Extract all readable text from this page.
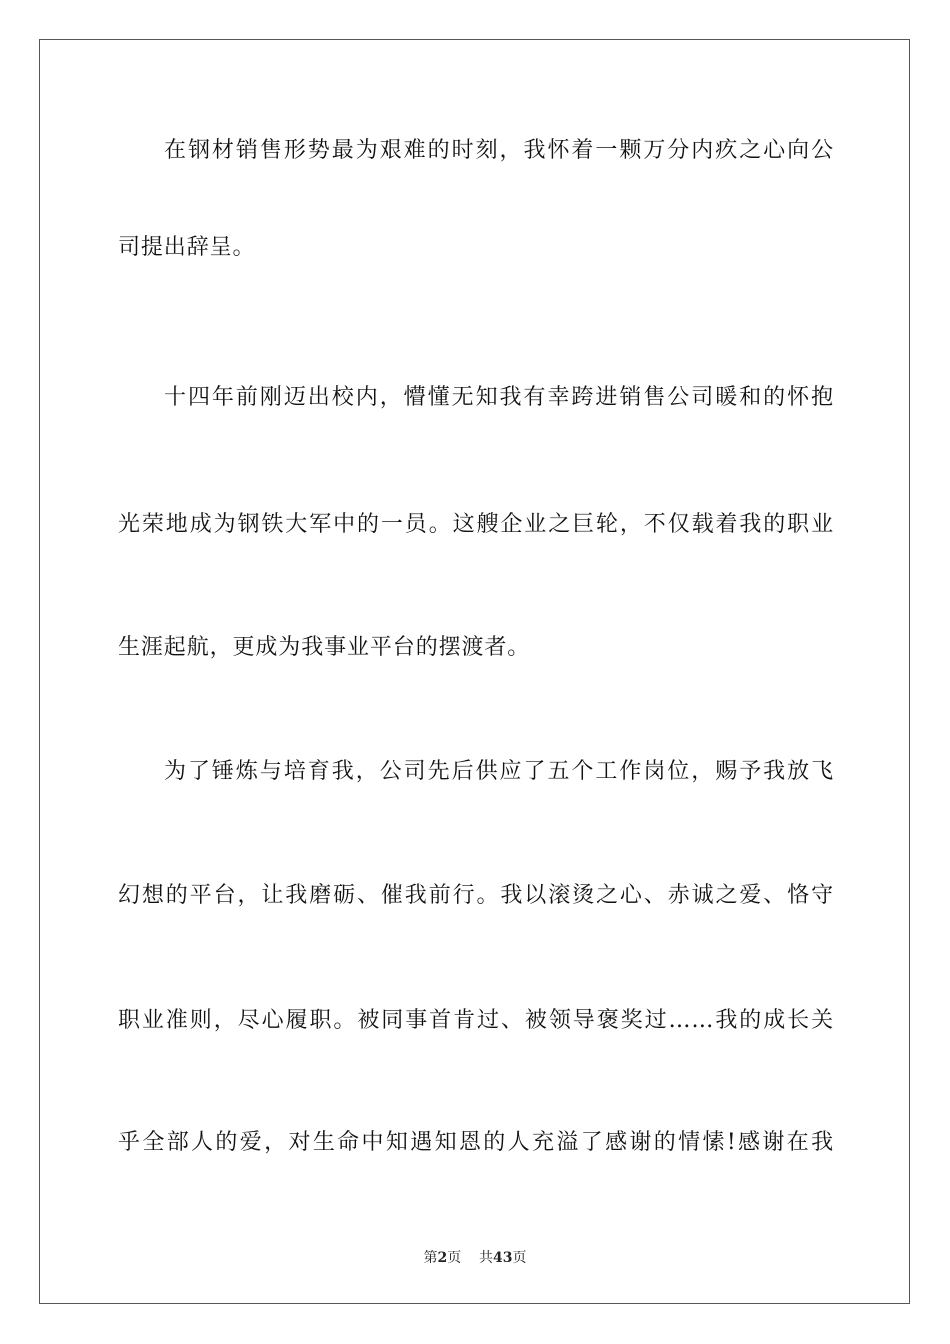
在钢材销售形势最为艰难的时刻，我怀着一颗万分内疚之心向公
司提出辞呈。
十四年前刚迈出校内，懵懂无知我有幸跨进销售公司暖和的怀抱
光荣地成为钢铁大军中的一员。这艘企业之巨轮，不仅载着我的职业
生涯起航，更成为我事业平台的摆渡者。
为了锤炼与培育我，公司先后供应了五个工作岗位，赐予我放飞
幻想的平台，让我磨砺、催我前行。我以滚烫之心、赤诚之爱、恪守
职业准则，尽心履职。被同事首肯过、被领导褒奖过……我的成长关
乎全部人的爱，对生命中知遇知恩的人充溢了感谢的情愫!感谢在我
第2页 共43页
